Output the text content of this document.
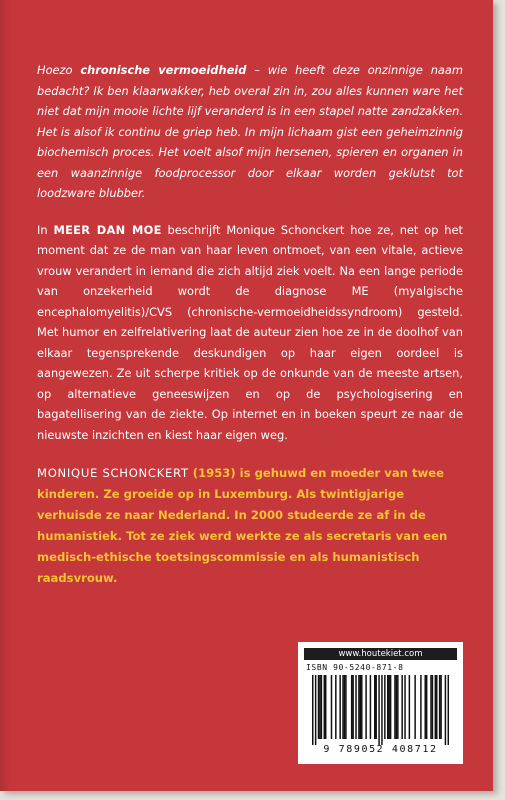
Hoezo chronische vermoeidheid – wie heeft deze onzinnige naam bedacht? Ik ben klaarwakker, heb overal zin in, zou alles kunnen ware het niet dat mijn mooie lichte lijf veranderd is in een stapel natte zandzakken. Het is alsof ik continu de griep heb. In mijn lichaam gist een geheimzinnig biochemisch proces. Het voelt alsof mijn hersenen, spieren en organen in een waanzinnige foodprocessor door elkaar worden geklutst tot loodzware blubber.

In MEER DAN MOE beschrijft Monique Schonckert hoe ze, net op het moment dat ze de man van haar leven ontmoet, van een vitale, actieve vrouw verandert in iemand die zich altijd ziek voelt. Na een lange periode van onzekerheid wordt de diagnose ME (myalgische encephalomyelitis)/CVS (chronische-vermoeidheidssyndroom) gesteld. Met humor en zelfrelativering laat de auteur zien hoe ze in de doolhof van elkaar tegensprekende deskundigen op haar eigen oordeel is aangewezen. Ze uit scherpe kritiek op de onkunde van de meeste artsen, op alternatieve geneeswijzen en op de psychologisering en bagatellisering van de ziekte. Op internet en in boeken speurt ze naar de nieuwste inzichten en kiest haar eigen weg.

MONIQUE SCHONCKERT (1953) is gehuwd en moeder van twee kinderen. Ze groeide op in Luxemburg. Als twintigjarige verhuisde ze naar Nederland. In 2000 studeerde ze af in de humanistiek. Tot ze ziek werd werkte ze als secretaris van een medisch-ethische toetsingscommissie en als humanistisch raadsvrouw.

www.houtekiet.com
ISBN 90-5240-871-8
9 789052 408712
